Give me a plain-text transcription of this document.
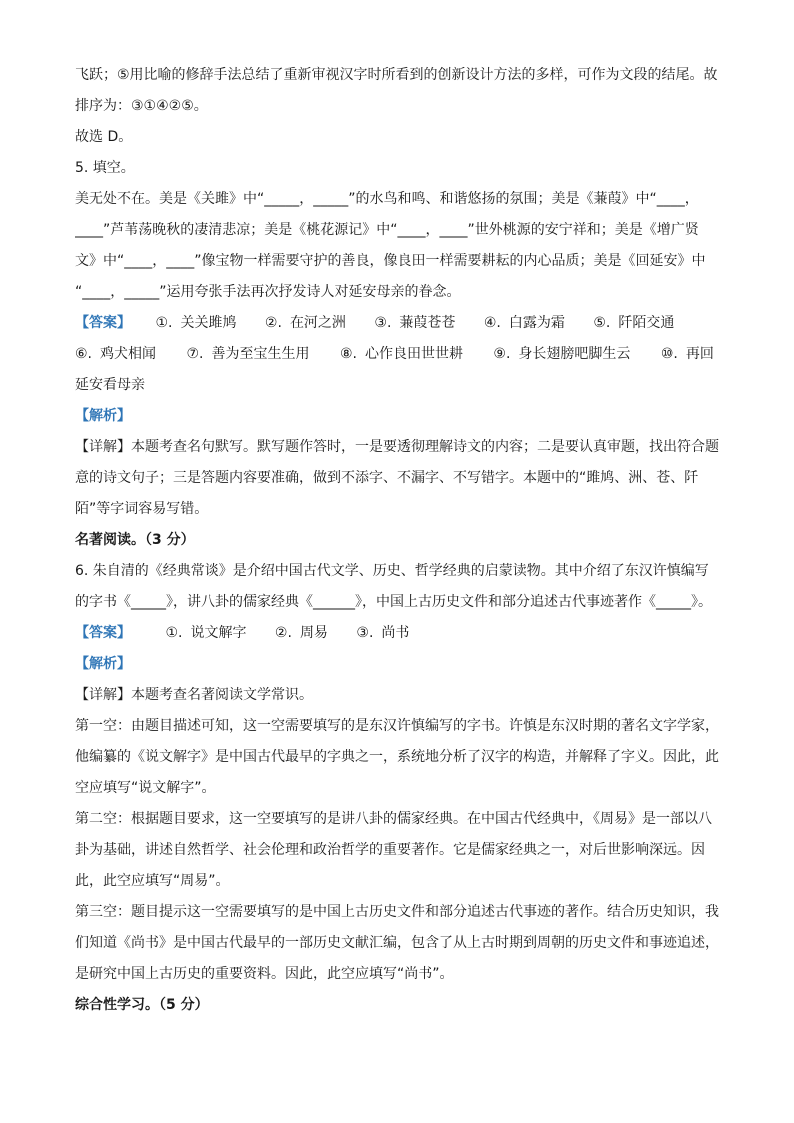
飞跃；⑤用比喻的修辞手法总结了重新审视汉字时所看到的创新设计方法的多样，可作为文段的结尾。故
排序为：③①④②⑤。
故选 D。
5. 填空。
美无处不在。美是《关雎》中“_____，_____”的水鸟和鸣、和谐悠扬的氛围；美是《蒹葭》中“____，
____”芦苇荡晚秋的凄清悲凉；美是《桃花源记》中“____，____”世外桃源的安宁祥和；美是《增广贤
文》中“____，____”像宝物一样需要守护的善良，像良田一样需要耕耘的内心品质；美是《回延安》中
“____，_____”运用夸张手法再次抒发诗人对延安母亲的眷念。
【答案】 ①. 关关雎鸠 ②. 在河之洲 ③. 蒹葭苍苍 ④. 白露为霜 ⑤. 阡陌交通
⑥. 鸡犬相闻 ⑦. 善为至宝生生用 ⑧. 心作良田世世耕 ⑨. 身长翅膀吧脚生云 ⑩. 再回
延安看母亲
【解析】
【详解】本题考查名句默写。默写题作答时，一是要透彻理解诗文的内容；二是要认真审题，找出符合题
意的诗文句子；三是答题内容要准确，做到不添字、不漏字、不写错字。本题中的“雎鸠、洲、苍、阡
陌”等字词容易写错。
名著阅读。（3 分）
6. 朱自清的《经典常谈》是介绍中国古代文学、历史、哲学经典的启蒙读物。其中介绍了东汉许慎编写
的字书《_____》，讲八卦的儒家经典《______》，中国上古历史文件和部分追述古代事迹著作《_____》。
【答案】 ①. 说文解字 ②. 周易 ③. 尚书
【解析】
【详解】本题考查名著阅读文学常识。
第一空：由题目描述可知，这一空需要填写的是东汉许慎编写的字书。许慎是东汉时期的著名文字学家，
他编纂的《说文解字》是中国古代最早的字典之一，系统地分析了汉字的构造，并解释了字义。因此，此
空应填写“说文解字”。
第二空：根据题目要求，这一空要填写的是讲八卦的儒家经典。在中国古代经典中，《周易》是一部以八
卦为基础，讲述自然哲学、社会伦理和政治哲学的重要著作。它是儒家经典之一，对后世影响深远。因
此，此空应填写“周易”。
第三空：题目提示这一空需要填写的是中国上古历史文件和部分追述古代事迹的著作。结合历史知识，我
们知道《尚书》是中国古代最早的一部历史文献汇编，包含了从上古时期到周朝的历史文件和事迹追述，
是研究中国上古历史的重要资料。因此，此空应填写“尚书”。
综合性学习。（5 分）
